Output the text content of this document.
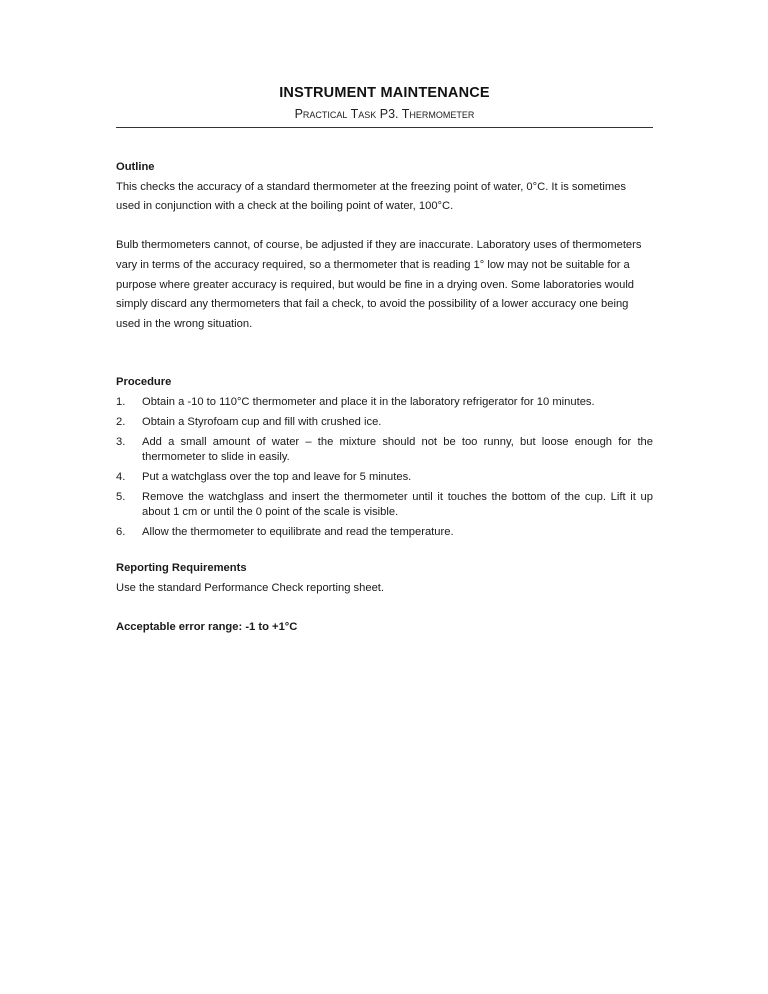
INSTRUMENT MAINTENANCE
Practical Task P3. Thermometer
Outline

This checks the accuracy of a standard thermometer at the freezing point of water, 0°C. It is sometimes used in conjunction with a check at the boiling point of water, 100°C.

Bulb thermometers cannot, of course, be adjusted if they are inaccurate. Laboratory uses of thermometers vary in terms of the accuracy required, so a thermometer that is reading 1° low may not be suitable for a purpose where greater accuracy is required, but would be fine in a drying oven. Some laboratories would simply discard any thermometers that fail a check, to avoid the possibility of a lower accuracy one being used in the wrong situation.

Procedure
1. Obtain a -10 to 110°C thermometer and place it in the laboratory refrigerator for 10 minutes.
2. Obtain a Styrofoam cup and fill with crushed ice.
3. Add a small amount of water – the mixture should not be too runny, but loose enough for the thermometer to slide in easily.
4. Put a watchglass over the top and leave for 5 minutes.
5. Remove the watchglass and insert the thermometer until it touches the bottom of the cup. Lift it up about 1 cm or until the 0 point of the scale is visible.
6. Allow the thermometer to equilibrate and read the temperature.
Reporting Requirements

Use the standard Performance Check reporting sheet.

Acceptable error range: -1 to +1°C
